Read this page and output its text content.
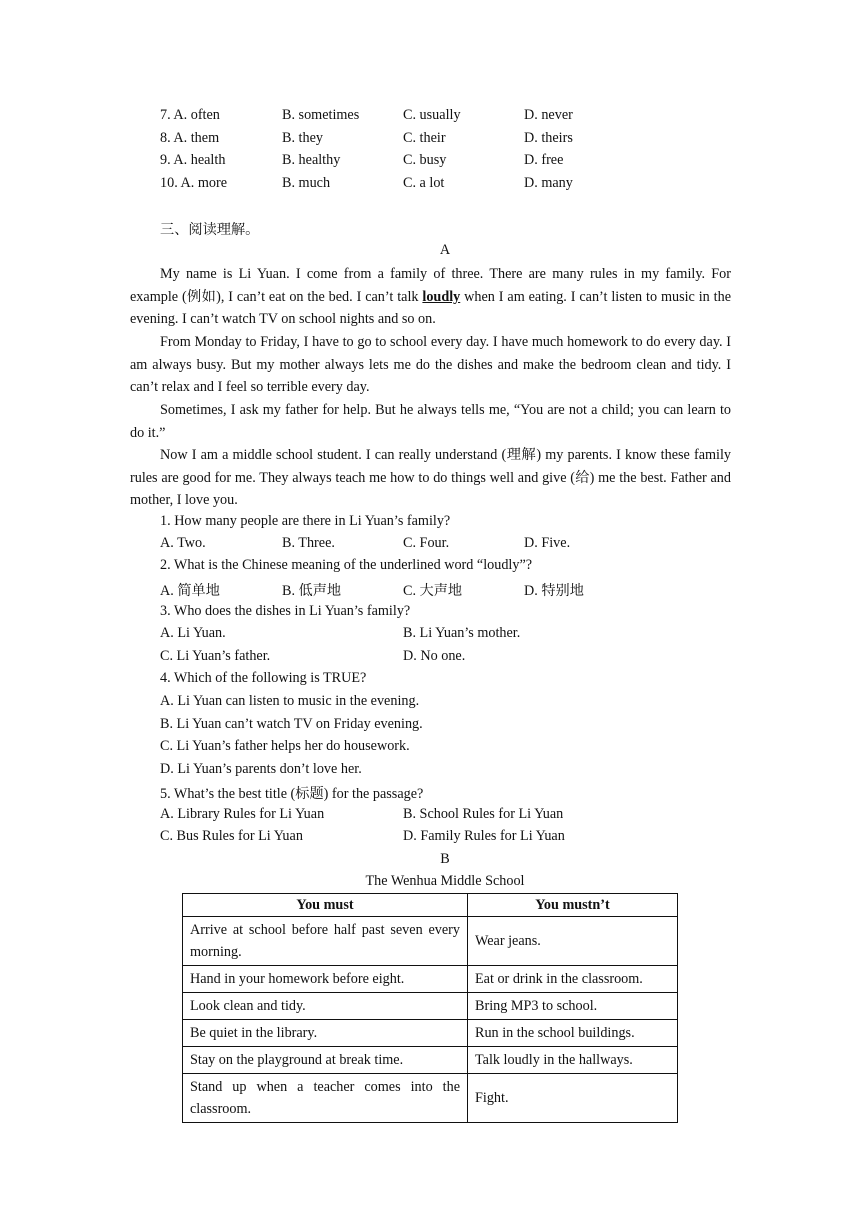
7. A. often	B. sometimes	C. usually	D. never
8. A. them	B. they	C. their	D. theirs
9. A. health	B. healthy	C. busy	D. free
10. A. more	B. much	C. a lot	D. many
三、阅读理解。
A
My name is Li Yuan. I come from a family of three. There are many rules in my family. For example (例如), I can’t eat on the bed. I can’t talk loudly when I am eating. I can’t listen to music in the evening. I can’t watch TV on school nights and so on.
From Monday to Friday, I have to go to school every day. I have much homework to do every day. I am always busy. But my mother always lets me do the dishes and make the bedroom clean and tidy. I can’t relax and I feel so terrible every day.
Sometimes, I ask my father for help. But he always tells me, “You are not a child; you can learn to do it.”
Now I am a middle school student. I can really understand (理解) my parents. I know these family rules are good for me. They always teach me how to do things well and give (给) me the best. Father and mother, I love you.
1. How many people are there in Li Yuan’s family?
A. Two.	B. Three.	C. Four.	D. Five.
2. What is the Chinese meaning of the underlined word “loudly”?
A. 简单地	B. 低声地	C. 大声地	D. 特别地
3. Who does the dishes in Li Yuan’s family?
A. Li Yuan.	B. Li Yuan’s mother.
C. Li Yuan’s father.	D. No one.
4. Which of the following is TRUE?
A. Li Yuan can listen to music in the evening.
B. Li Yuan can’t watch TV on Friday evening.
C. Li Yuan’s father helps her do housework.
D. Li Yuan’s parents don’t love her.
5. What’s the best title (标题) for the passage?
A. Library Rules for Li Yuan	B. School Rules for Li Yuan
C. Bus Rules for Li Yuan	D. Family Rules for Li Yuan
B
The Wenhua Middle School
You must	You mustn’t
Arrive at school before half past seven every morning.	Wear jeans.
Hand in your homework before eight.	Eat or drink in the classroom.
Look clean and tidy.	Bring MP3 to school.
Be quiet in the library.	Run in the school buildings.
Stay on the playground at break time.	Talk loudly in the hallways.
Stand up when a teacher comes into the classroom.	Fight.
